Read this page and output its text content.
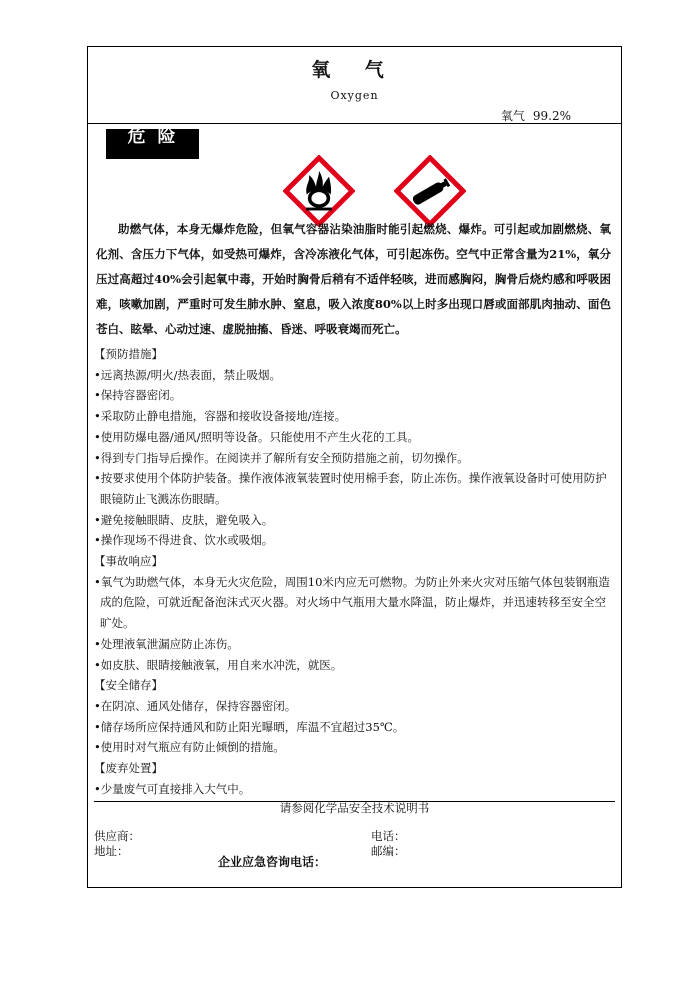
氧 气
Oxygen
氧气 99.2%
危险
助燃气体，本身无爆炸危险，但氧气容器沾染油脂时能引起燃烧、爆炸。可引起或加剧燃烧、氧化剂、含压力下气体，如受热可爆炸，含冷冻液化气体，可引起冻伤。空气中正常含量为21%，氧分压过高超过40%会引起氧中毒，开始时胸骨后稍有不适伴轻咳，进而感胸闷，胸骨后烧灼感和呼吸困难，咳嗽加剧，严重时可发生肺水肿、窒息，吸入浓度80%以上时多出现口唇或面部肌肉抽动、面色苍白、眩晕、心动过速、虚脱抽搐、昏迷、呼吸衰竭而死亡。
【预防措施】
•远离热源/明火/热表面，禁止吸烟。
•保持容器密闭。
•采取防止静电措施，容器和接收设备接地/连接。
•使用防爆电器/通风/照明等设备。只能使用不产生火花的工具。
•得到专门指导后操作。在阅读并了解所有安全预防措施之前，切勿操作。
•按要求使用个体防护装备。操作液体液氧装置时使用棉手套，防止冻伤。操作液氧设备时可使用防护眼镜防止飞溅冻伤眼睛。
•避免接触眼睛、皮肤，避免吸入。
•操作现场不得进食、饮水或吸烟。
【事故响应】
•氧气为助燃气体，本身无火灾危险，周围10米内应无可燃物。为防止外来火灾对压缩气体包装钢瓶造成的危险，可就近配备泡沫式灭火器。对火场中气瓶用大量水降温，防止爆炸，并迅速转移至安全空旷处。
•处理液氧泄漏应防止冻伤。
•如皮肤、眼睛接触液氧，用自来水冲洗，就医。
【安全储存】
•在阴凉、通风处储存，保持容器密闭。
•储存场所应保持通风和防止阳光曝晒，库温不宜超过35℃。
•使用时对气瓶应有防止倾倒的措施。
【废弃处置】
•少量废气可直接排入大气中。
请参阅化学品安全技术说明书
供应商：
地址：
电话：
邮编：
企业应急咨询电话：
